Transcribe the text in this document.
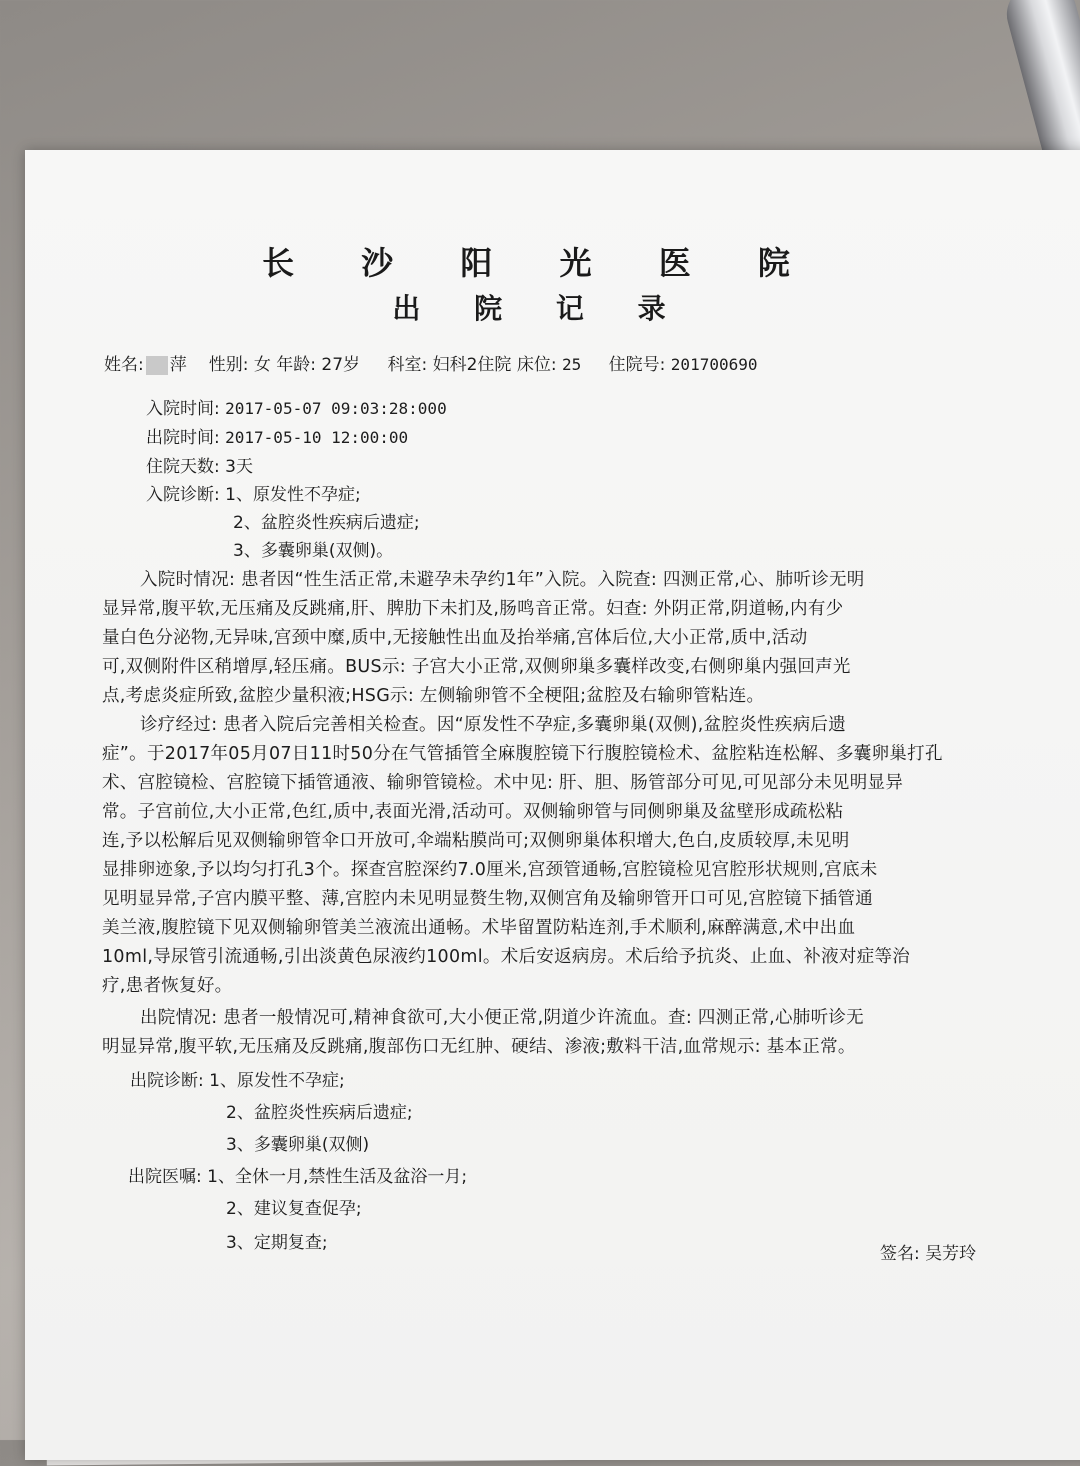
长 沙 阳 光 医 院
出 院 记 录
姓名: 萍 性别: 女 年龄: 27岁 科室: 妇科2住院 床位: 25 住院号: 201700690
入院时间: 2017-05-07 09:03:28:000
出院时间: 2017-05-10 12:00:00
住院天数: 3天
入院诊断: 1、原发性不孕症;
2、盆腔炎性疾病后遗症;
3、多囊卵巢(双侧)。
入院时情况: 患者因“性生活正常,未避孕未孕约1年”入院。入院查: 四测正常,心、肺听诊无明
显异常,腹平软,无压痛及反跳痛,肝、脾肋下未扪及,肠鸣音正常。妇查: 外阴正常,阴道畅,内有少
量白色分泌物,无异味,宫颈中糜,质中,无接触性出血及抬举痛,宫体后位,大小正常,质中,活动
可,双侧附件区稍增厚,轻压痛。BUS示: 子宫大小正常,双侧卵巢多囊样改变,右侧卵巢内强回声光
点,考虑炎症所致,盆腔少量积液;HSG示: 左侧输卵管不全梗阻;盆腔及右输卵管粘连。
诊疗经过: 患者入院后完善相关检查。因“原发性不孕症,多囊卵巢(双侧),盆腔炎性疾病后遗
症”。于2017年05月07日11时50分在气管插管全麻腹腔镜下行腹腔镜检术、盆腔粘连松解、多囊卵巢打孔
术、宫腔镜检、宫腔镜下插管通液、输卵管镜检。术中见: 肝、胆、肠管部分可见,可见部分未见明显异
常。子宫前位,大小正常,色红,质中,表面光滑,活动可。双侧输卵管与同侧卵巢及盆壁形成疏松粘
连,予以松解后见双侧输卵管伞口开放可,伞端粘膜尚可;双侧卵巢体积增大,色白,皮质较厚,未见明
显排卵迹象,予以均匀打孔3个。探查宫腔深约7.0厘米,宫颈管通畅,宫腔镜检见宫腔形状规则,宫底未
见明显异常,子宫内膜平整、薄,宫腔内未见明显赘生物,双侧宫角及输卵管开口可见,宫腔镜下插管通
美兰液,腹腔镜下见双侧输卵管美兰液流出通畅。术毕留置防粘连剂,手术顺利,麻醉满意,术中出血
10ml,导尿管引流通畅,引出淡黄色尿液约100ml。术后安返病房。术后给予抗炎、止血、补液对症等治
疗,患者恢复好。
出院情况: 患者一般情况可,精神食欲可,大小便正常,阴道少许流血。查: 四测正常,心肺听诊无
明显异常,腹平软,无压痛及反跳痛,腹部伤口无红肿、硬结、渗液;敷料干洁,血常规示: 基本正常。
出院诊断: 1、原发性不孕症;
2、盆腔炎性疾病后遗症;
3、多囊卵巢(双侧)
出院医嘱: 1、全休一月,禁性生活及盆浴一月;
2、建议复查促孕;
3、定期复查;
签名: 吴芳玲
